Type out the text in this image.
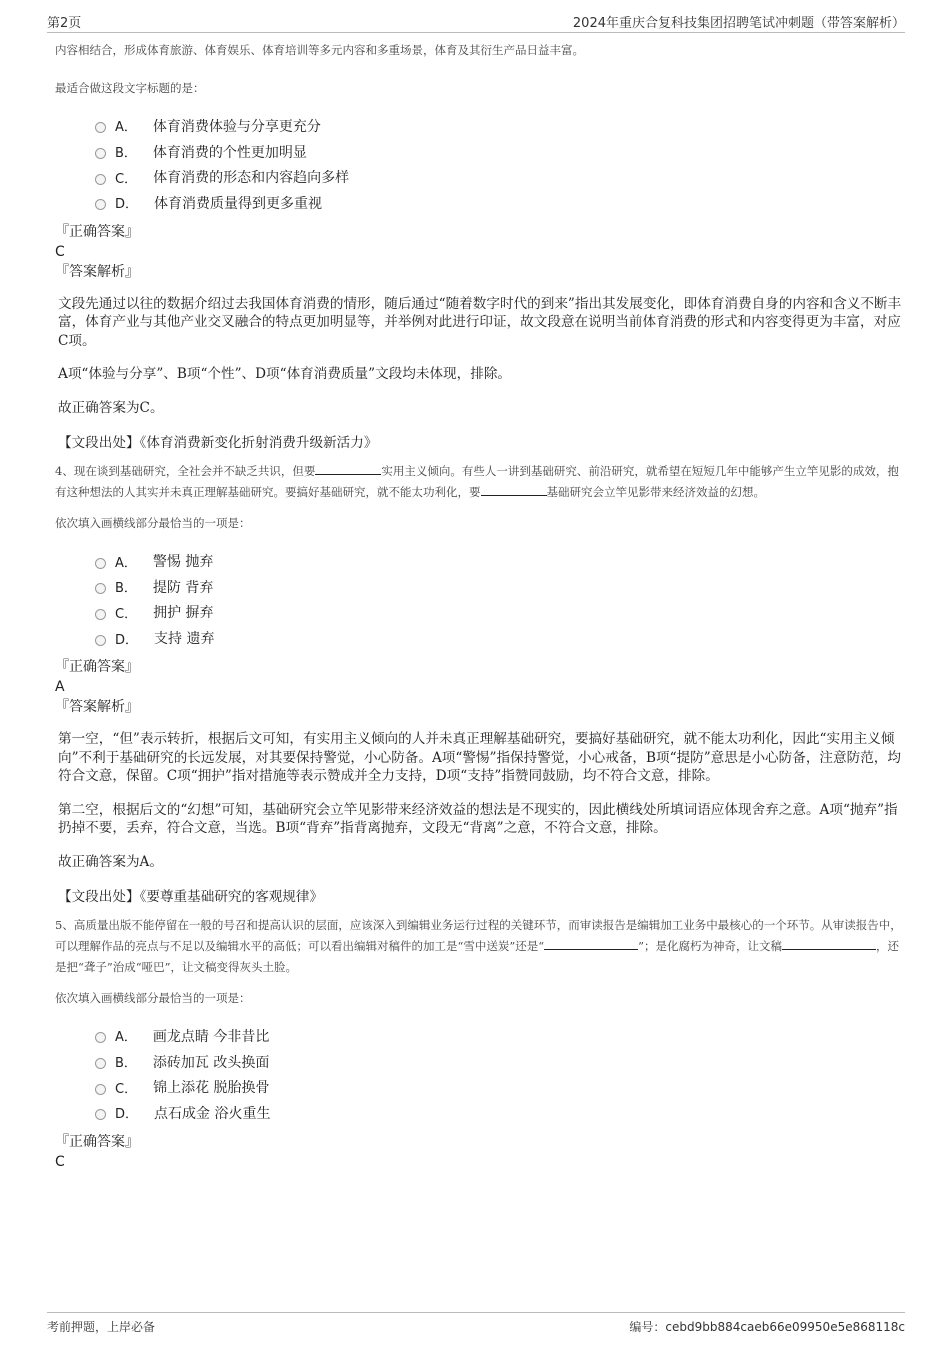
第2页	2024年重庆合复科技集团招聘笔试冲刺题（带答案解析）

内容相结合，形成体育旅游、体育娱乐、体育培训等多元内容和多重场景，体育及其衍生产品日益丰富。

最适合做这段文字标题的是：

A． 体育消费体验与分享更充分
B． 体育消费的个性更加明显
C． 体育消费的形态和内容趋向多样
D． 体育消费质量得到更多重视

『正确答案』

C

『答案解析』

文段先通过以往的数据介绍过去我国体育消费的情形，随后通过“随着数字时代的到来”指出其发展变化，即体育消费自身的内容和含义不断丰富，体育产业与其他产业交叉融合的特点更加明显等，并举例对此进行印证，故文段意在说明当前体育消费的形式和内容变得更为丰富，对应C项。

A项“体验与分享”、B项“个性”、D项“体育消费质量”文段均未体现，排除。

故正确答案为C。

【文段出处】《体育消费新变化折射消费升级新活力》

4、现在谈到基础研究，全社会并不缺乏共识，但要	实用主义倾向。有些人一讲到基础研究、前沿研究，就希望在短短几年中能够产生立竿见影的成效，抱有这种想法的人其实并未真正理解基础研究。要搞好基础研究，就不能太功利化，要	基础研究会立竿见影带来经济效益的幻想。

依次填入画横线部分最恰当的一项是：

A． 警惕 抛弃
B． 提防 背弃
C． 拥护 摒弃
D． 支持 遗弃

『正确答案』

A

『答案解析』

第一空，“但”表示转折，根据后文可知，有实用主义倾向的人并未真正理解基础研究，要搞好基础研究，就不能太功利化，因此“实用主义倾向”不利于基础研究的长远发展，对其要保持警觉，小心防备。A项“警惕”指保持警觉，小心戒备，B项“提防”意思是小心防备，注意防范，均符合文意，保留。C项“拥护”指对措施等表示赞成并全力支持，D项“支持”指赞同鼓励，均不符合文意，排除。

第二空，根据后文的“幻想”可知，基础研究会立竿见影带来经济效益的想法是不现实的，因此横线处所填词语应体现舍弃之意。A项“抛弃”指扔掉不要，丢弃，符合文意，当选。B项“背弃”指背离抛弃，文段无“背离”之意，不符合文意，排除。

故正确答案为A。

【文段出处】《要尊重基础研究的客观规律》

5、高质量出版不能停留在一般的号召和提高认识的层面，应该深入到编辑业务运行过程的关键环节，而审读报告是编辑加工业务中最核心的一个环节。从审读报告中，可以理解作品的亮点与不足以及编辑水平的高低；可以看出编辑对稿件的加工是“雪中送炭”还是“	”；是化腐朽为神奇，让文稿	，还是把“聋子”治成“哑巴”，让文稿变得灰头土脸。

依次填入画横线部分最恰当的一项是：

A． 画龙点睛 今非昔比
B． 添砖加瓦 改头换面
C． 锦上添花 脱胎换骨
D． 点石成金 浴火重生

『正确答案』

C

考前押题，上岸必备	编号：cebd9bb884caeb66e09950e5e868118c
